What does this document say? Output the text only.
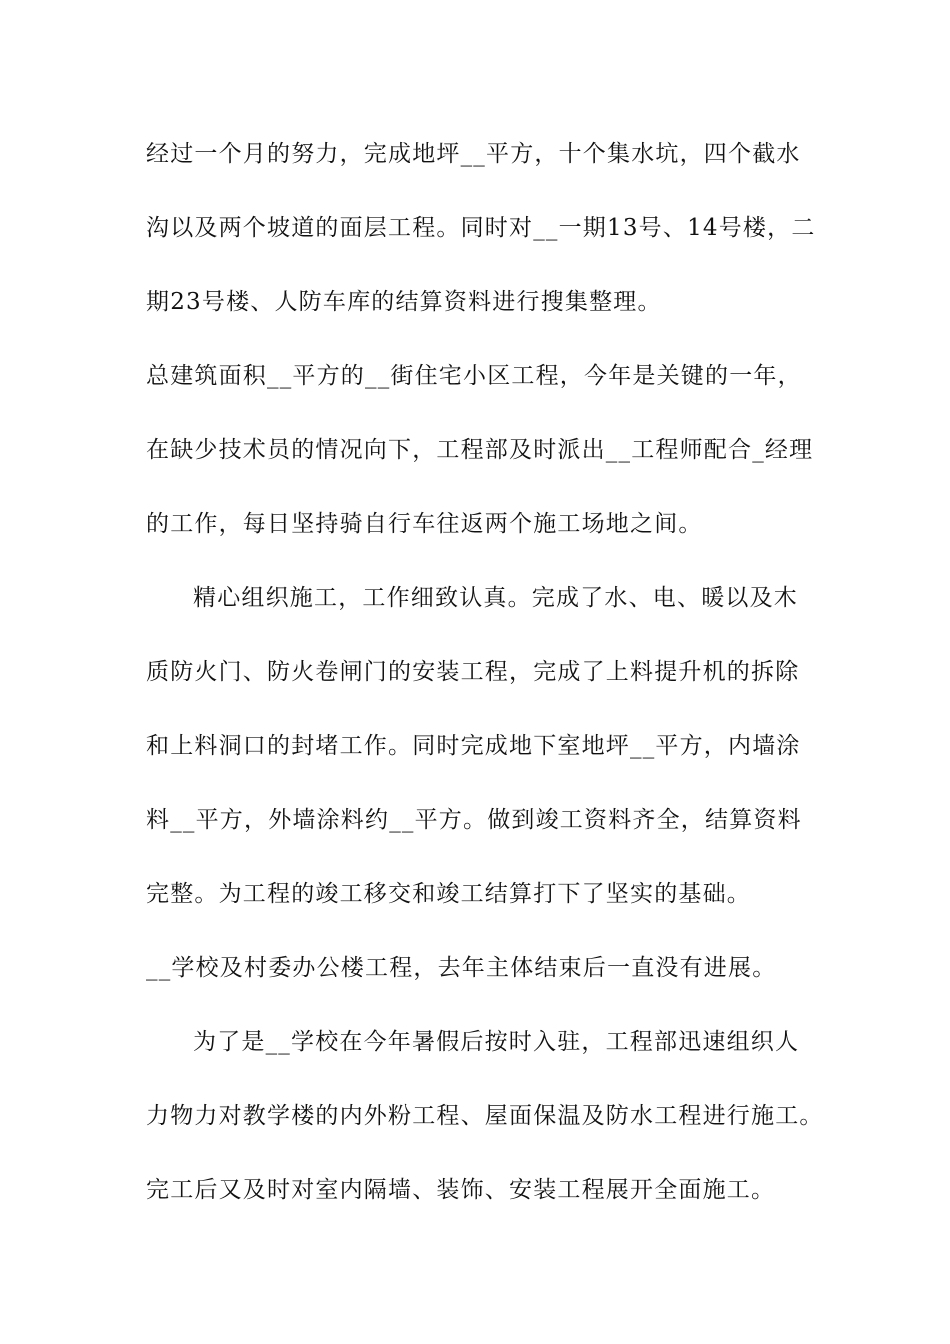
经过一个月的努力，完成地坪__平方，十个集水坑，四个截水
沟以及两个坡道的面层工程。同时对__一期13号、14号楼，二
期23号楼、人防车库的结算资料进行搜集整理。
总建筑面积__平方的__街住宅小区工程，今年是关键的一年，
在缺少技术员的情况向下，工程部及时派出__工程师配合_经理
的工作，每日坚持骑自行车往返两个施工场地之间。
精心组织施工，工作细致认真。完成了水、电、暖以及木
质防火门、防火卷闸门的安装工程，完成了上料提升机的拆除
和上料洞口的封堵工作。同时完成地下室地坪__平方，内墙涂
料__平方，外墙涂料约__平方。做到竣工资料齐全，结算资料
完整。为工程的竣工移交和竣工结算打下了坚实的基础。
__学校及村委办公楼工程，去年主体结束后一直没有进展。
为了是__学校在今年暑假后按时入驻，工程部迅速组织人
力物力对教学楼的内外粉工程、屋面保温及防水工程进行施工。
完工后又及时对室内隔墙、装饰、安装工程展开全面施工。
